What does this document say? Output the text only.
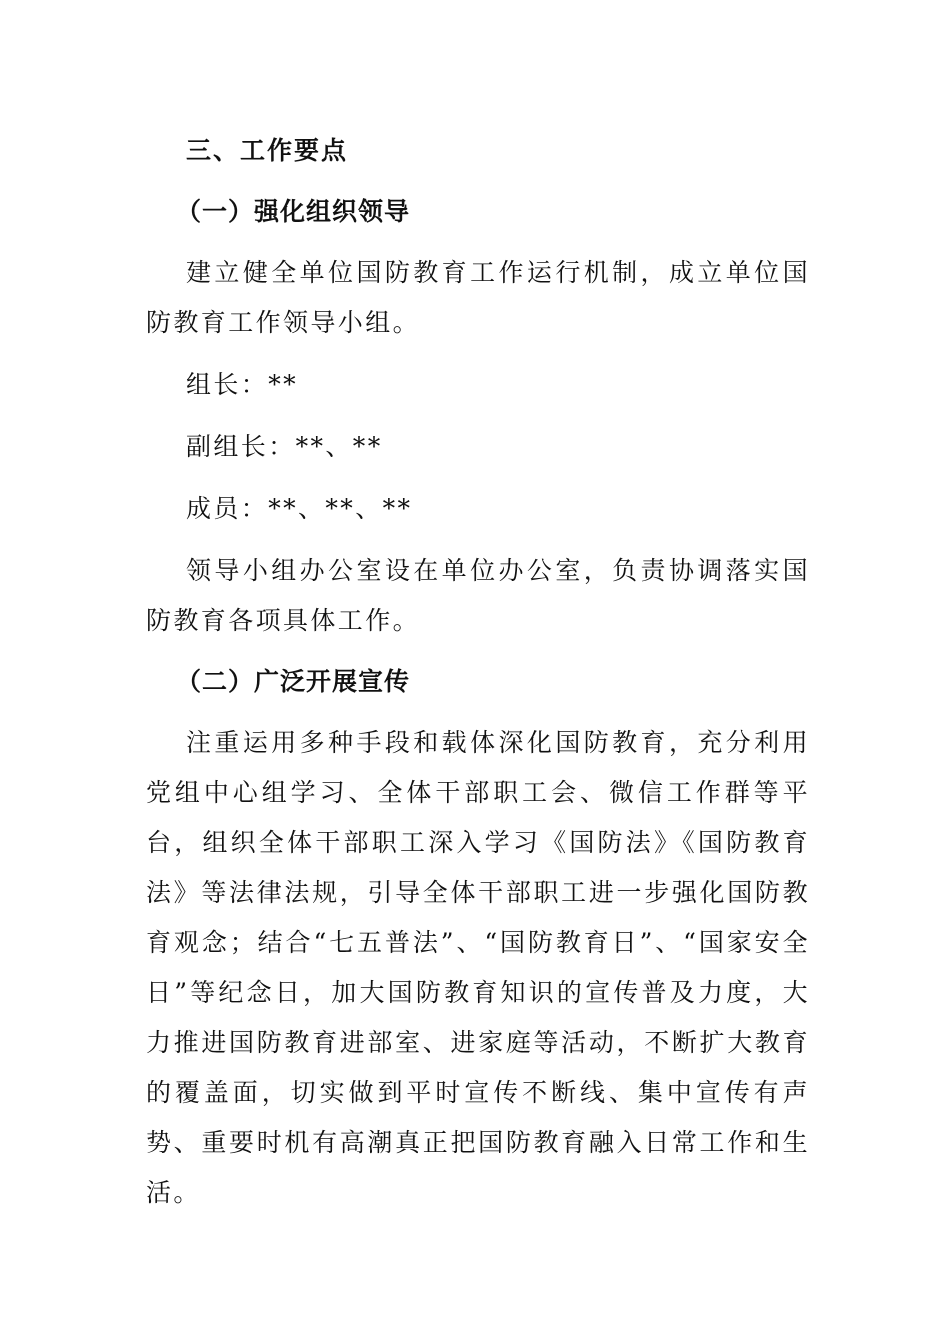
三、工作要点
（一）强化组织领导

建立健全单位国防教育工作运行机制，成立单位国防教育工作领导小组。

组长：**

副组长：**、**

成员：**、**、**

领导小组办公室设在单位办公室，负责协调落实国防教育各项具体工作。

（二）广泛开展宣传

注重运用多种手段和载体深化国防教育，充分利用党组中心组学习、全体干部职工会、微信工作群等平台，组织全体干部职工深入学习《国防法》《国防教育法》等法律法规，引导全体干部职工进一步强化国防教育观念；结合“七五普法”、“国防教育日”、“国家安全日”等纪念日，加大国防教育知识的宣传普及力度，大力推进国防教育进部室、进家庭等活动，不断扩大教育的覆盖面，切实做到平时宣传不断线、集中宣传有声势、重要时机有高潮真正把国防教育融入日常工作和生活。
